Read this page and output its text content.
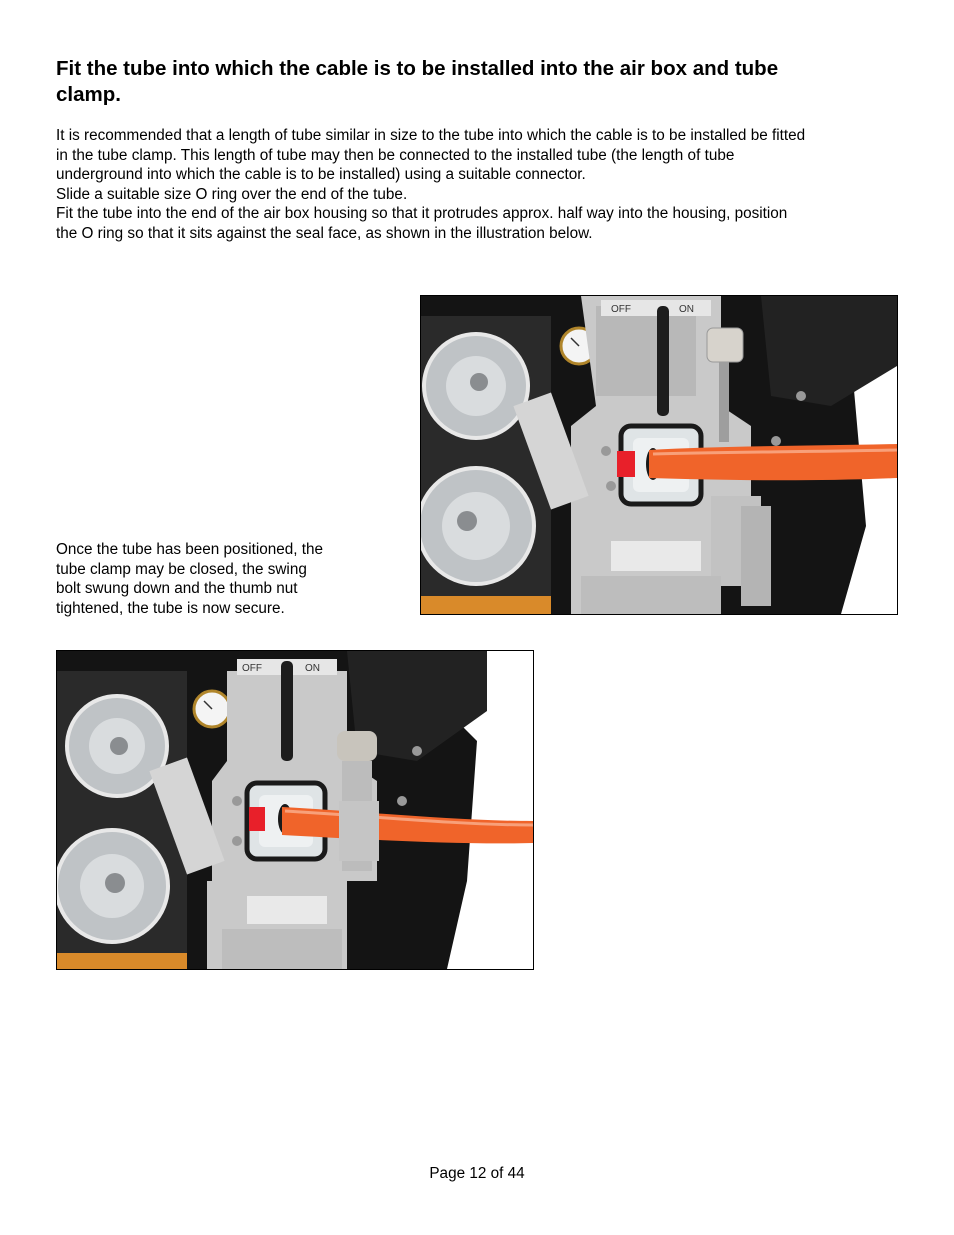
Fit the tube into which the cable is to be installed into the air box and tube
clamp.
It is recommended that a length of tube similar in size to the tube into which the cable is to be installed be fitted
in the tube clamp. This length of tube may then be connected to the installed tube (the length of tube
underground into which the cable is to be installed) using a suitable connector.
Slide a suitable size O ring over the end of the tube.
Fit the tube into the end of the air box housing so that it protrudes approx. half way into the housing, position
the O ring so that it sits against the seal face, as shown in the illustration below.
Once the tube has been positioned, the
tube clamp may be closed, the swing
bolt swung down and the thumb nut
tightened, the tube is now secure.
OFF	ON
OFF	ON
Page 12 of 44
